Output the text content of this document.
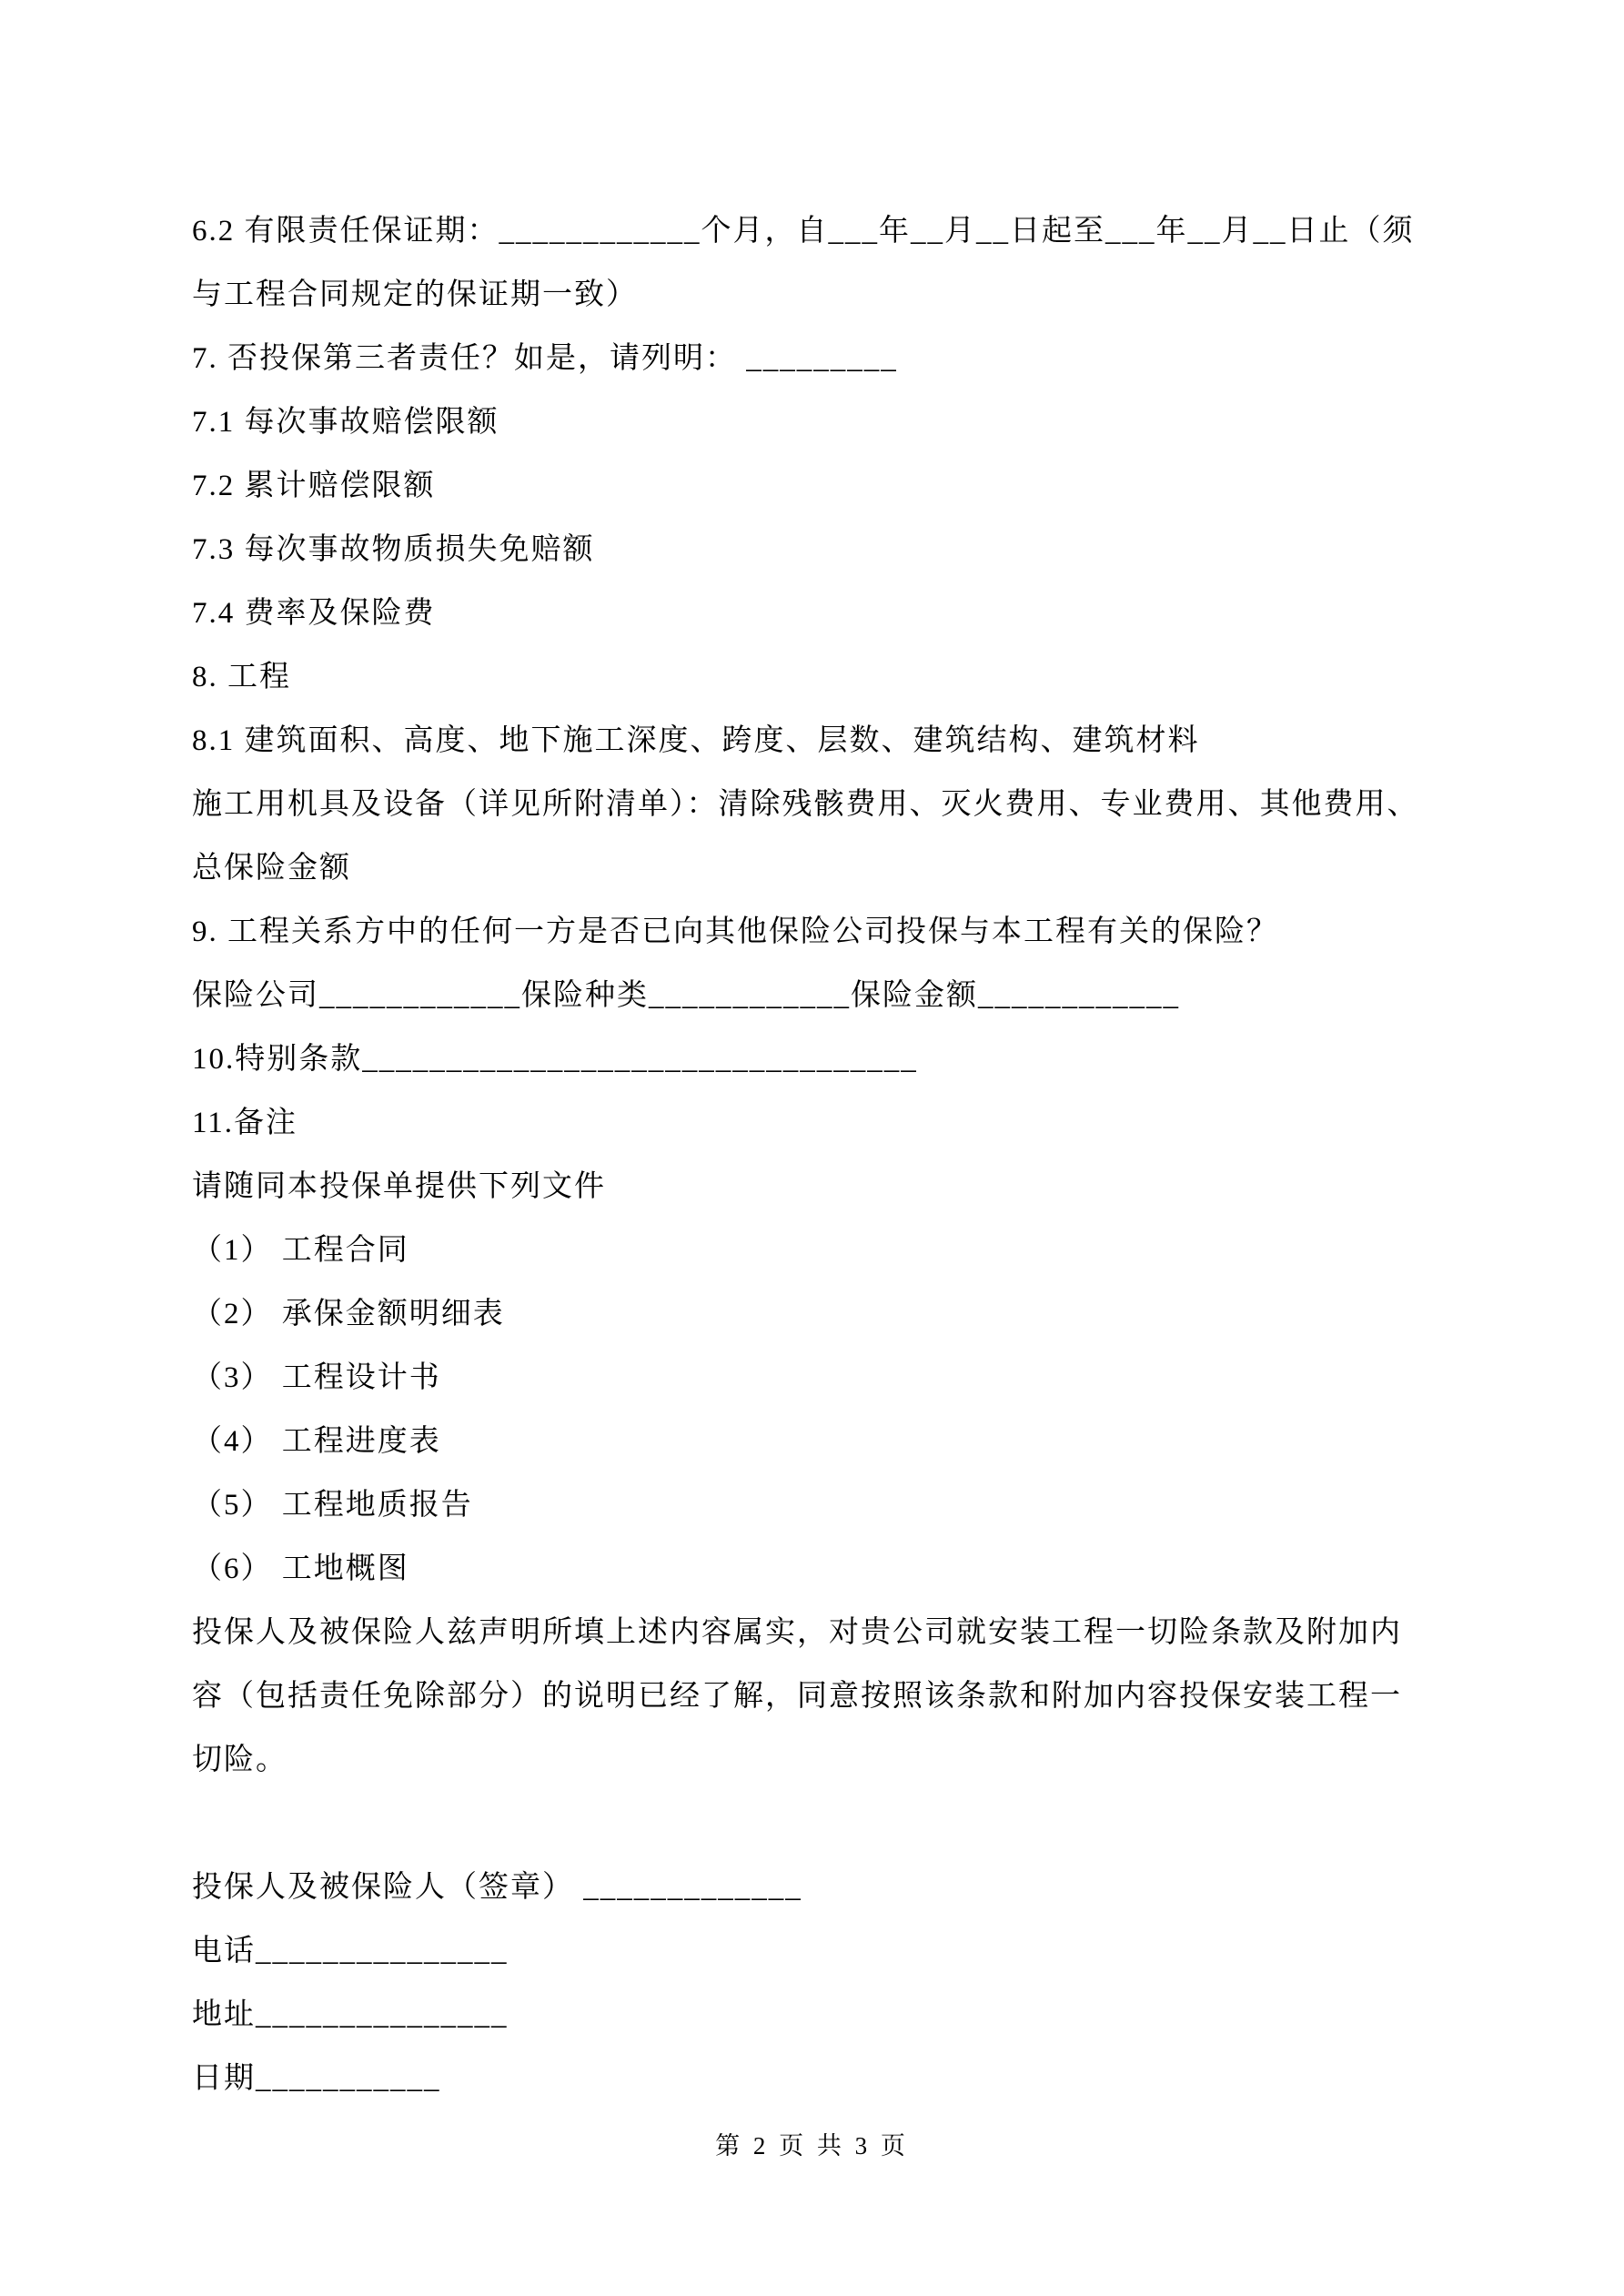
6.2 有限责任保证期：____________个月，自___年__月__日起至___年__月__日止（须

与工程合同规定的保证期一致）

7. 否投保第三者责任？如是，请列明： _________

7.1 每次事故赔偿限额

7.2 累计赔偿限额

7.3 每次事故物质损失免赔额

7.4 费率及保险费

8. 工程

8.1 建筑面积、高度、地下施工深度、跨度、层数、建筑结构、建筑材料

施工用机具及设备（详见所附清单）：清除残骸费用、灭火费用、专业费用、其他费用、

总保险金额

9. 工程关系方中的任何一方是否已向其他保险公司投保与本工程有关的保险？

保险公司____________保险种类____________保险金额____________

10.特别条款_________________________________

11.备注

请随同本投保单提供下列文件

（1） 工程合同

（2） 承保金额明细表

（3） 工程设计书

（4） 工程进度表

（5） 工程地质报告

（6） 工地概图

投保人及被保险人兹声明所填上述内容属实，对贵公司就安装工程一切险条款及附加内

容（包括责任免除部分）的说明已经了解，同意按照该条款和附加内容投保安装工程一

切险。

投保人及被保险人（签章） _____________

电话_______________

地址_______________

日期___________

第 2 页 共 3 页
